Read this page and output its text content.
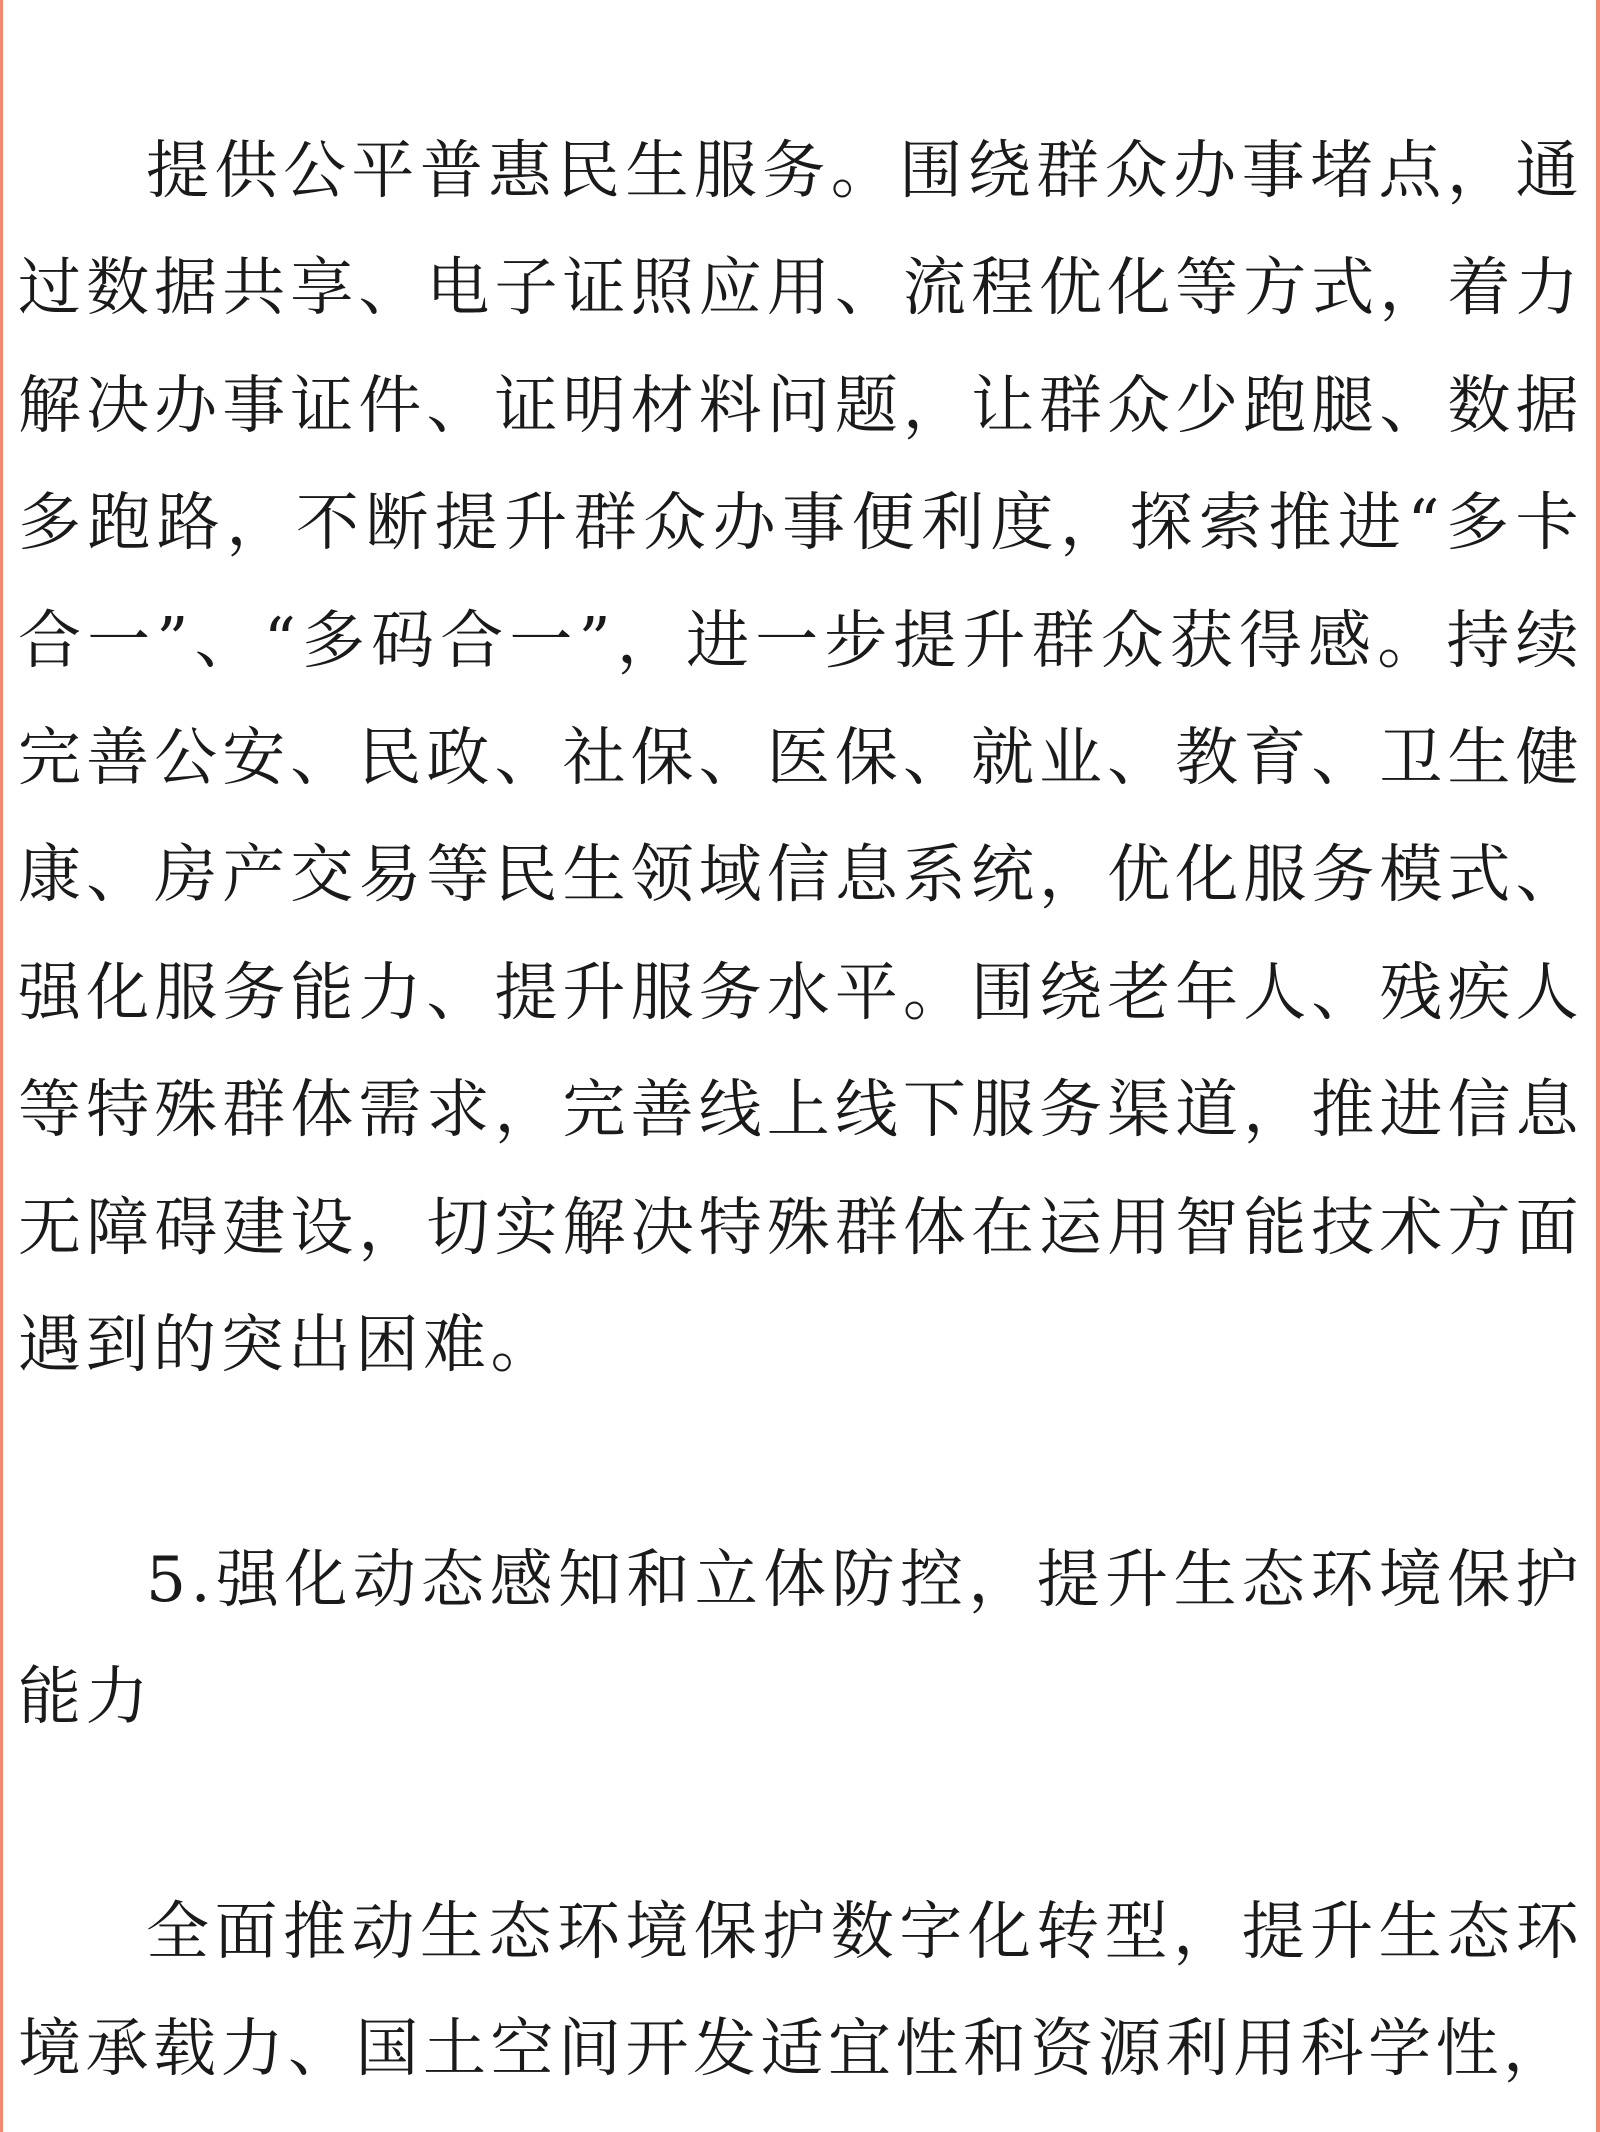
提供公平普惠民生服务。围绕群众办事堵点，通过数据共享、电子证照应用、流程优化等方式，着力解决办事证件、证明材料问题，让群众少跑腿、数据多跑路，不断提升群众办事便利度，探索推进“多卡合一”、“多码合一”，进一步提升群众获得感。持续完善公安、民政、社保、医保、就业、教育、卫生健康、房产交易等民生领域信息系统，优化服务模式、强化服务能力、提升服务水平。围绕老年人、残疾人等特殊群体需求，完善线上线下服务渠道，推进信息无障碍建设，切实解决特殊群体在运用智能技术方面遇到的突出困难。

5.强化动态感知和立体防控，提升生态环境保护能力

全面推动生态环境保护数字化转型，提升生态环境承载力、国土空间开发适宜性和资源利用科学性，
